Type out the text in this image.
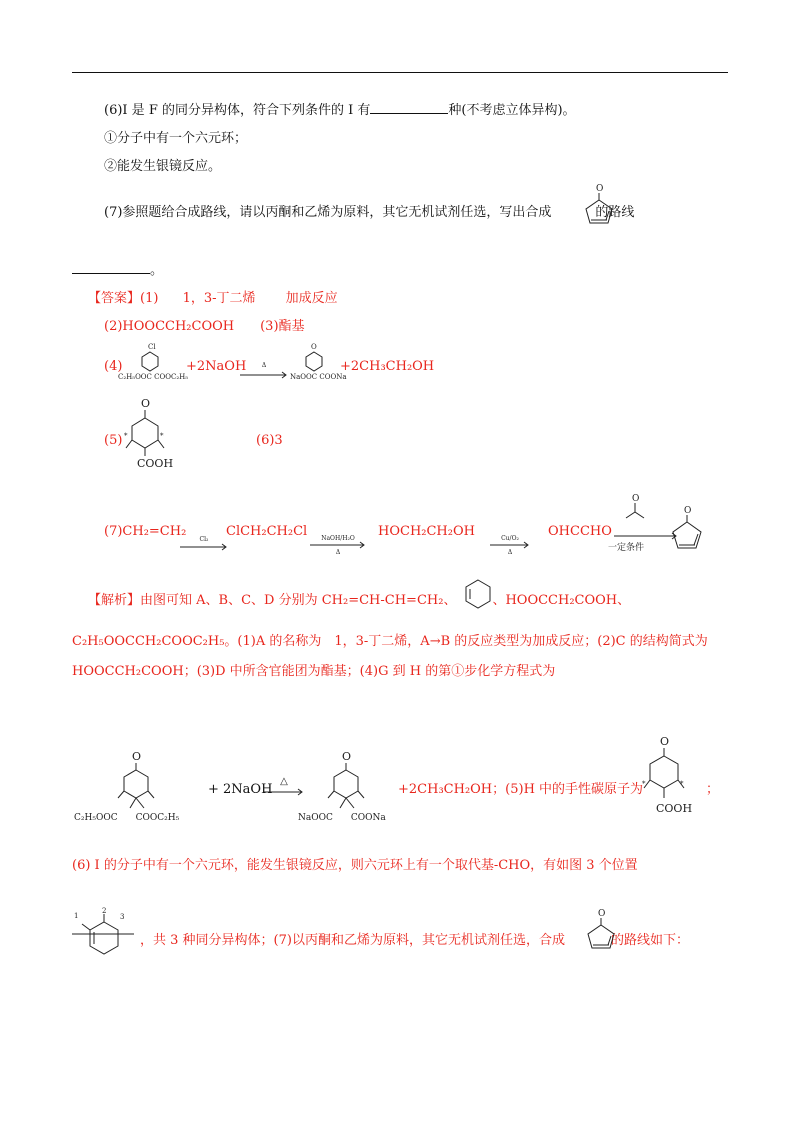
(6)I 是 F 的同分异构体，符合下列条件的 I 有	种(不考虑立体异构)。
①分子中有一个六元环；
②能发生银镜反应。
(7)参照题给合成路线，请以丙酮和乙烯为原料，其它无机试剂任选，写出合成	的路线
O
。
【答案】(1) 1，3-丁二烯 加成反应
(2)HOOCCH₂COOH　　(3)酯基
(4)
Cl
C₂H₅OOC COOC₂H₅
+2NaOH	Δ
O
NaOOC COONa
+2CH₃CH₂OH
(5)
O
*	*
COOH
(6)3
(7)CH₂=CH₂
Cl₂
ClCH₂CH₂Cl	NaOH/H₂O
Δ
HOCH₂CH₂OH	Cu/O₂
Δ
OHCCHO
O
一定条件
O
【解析】由图可知 A、B、C、D 分别为 CH₂=CH-CH=CH₂、	、HOOCCH₂COOH、
C₂H₅OOCCH₂COOC₂H₅。(1)A 的名称为　1，3-丁二烯，A→B 的反应类型为加成反应；(2)C 的结构简式为
HOOCCH₂COOH；(3)D 中所含官能团为酯基；(4)G 到 H 的第①步化学方程式为
O
C₂H₅OOC　　COOC₂H₅
+ 2NaOH
△
O
NaOOC　　COONa
+2CH₃CH₂OH；(5)H 中的手性碳原子为
O
*	*
COOH
；
(6) Ⅰ 的分子中有一个六元环，能发生银镜反应，则六元环上有一个取代基-CHO，有如图 3 个位置
1
2
3
，共 3 种同分异构体；(7)以丙酮和乙烯为原料，其它无机试剂任选，合成	的路线如下：
O
